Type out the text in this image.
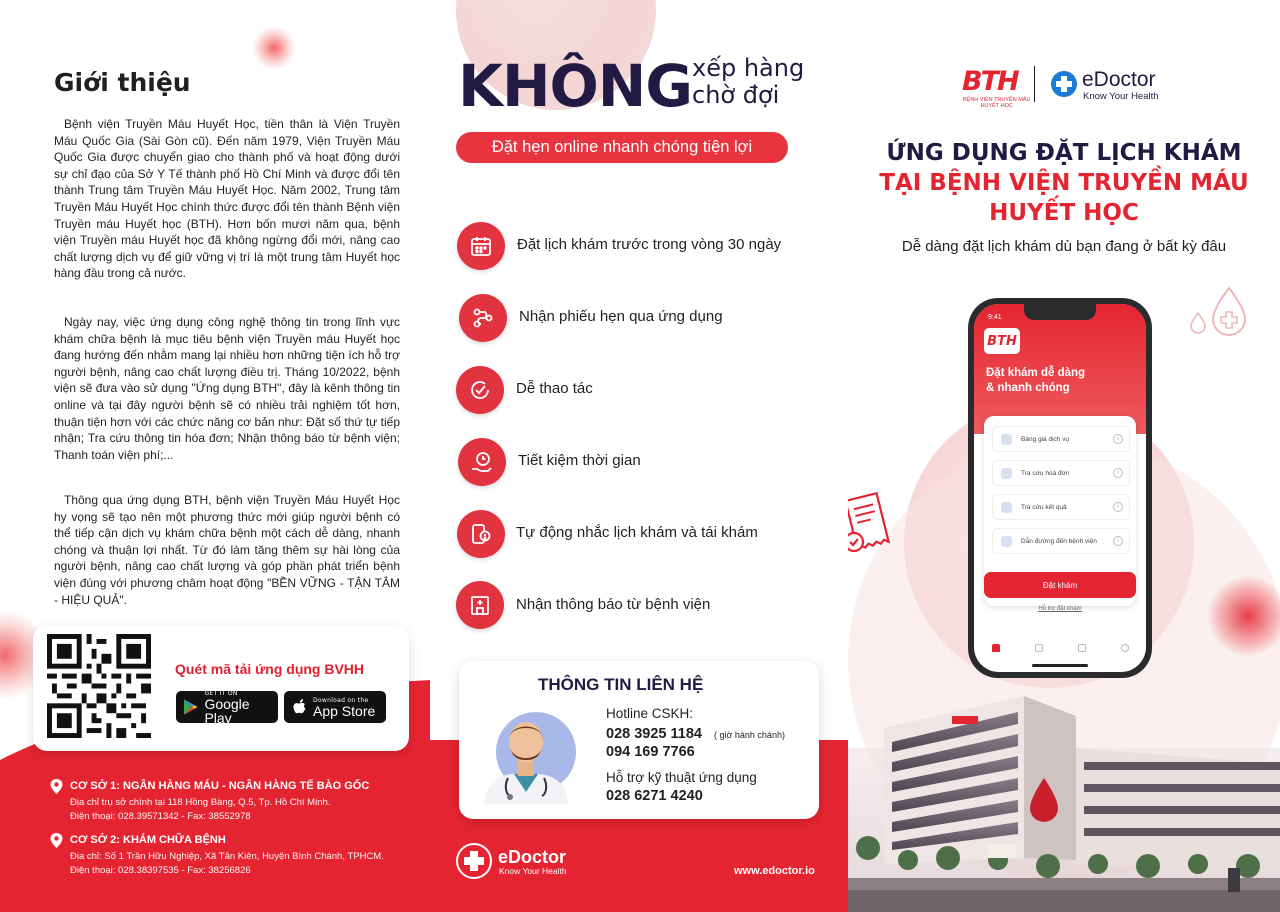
Giới thiệu

Bệnh viện Truyền Máu Huyết Học, tiền thân là Viện Truyền Máu Quốc Gia (Sài Gòn cũ). Đến năm 1979, Viện Truyền Máu Quốc Gia được chuyển giao cho thành phố và hoạt động dưới sự chỉ đạo của Sở Y Tế thành phố Hồ Chí Minh và được đổi tên thành Trung tâm Truyền Máu Huyết Học. Năm 2002, Trung tâm Truyền Máu Huyết Học chính thức được đổi tên thành Bệnh viện Truyền máu Huyết học (BTH). Hơn bốn mươi năm qua, bệnh viện Truyền máu Huyết học đã không ngừng đổi mới, nâng cao chất lượng dịch vụ để giữ vững vị trí là một trung tâm Huyết học hàng đầu trong cả nước.

Ngày nay, việc ứng dụng công nghệ thông tin trong lĩnh vực khám chữa bệnh là mục tiêu bệnh viện Truyền máu Huyết học đang hướng đến nhằm mang lại nhiều hơn những tiện ích hỗ trợ người bệnh, nâng cao chất lượng điều trị. Tháng 10/2022, bệnh viện sẽ đưa vào sử dụng "Ứng dụng BTH", đây là kênh thông tin online và tại đây người bệnh sẽ có nhiều trải nghiệm tốt hơn, thuận tiện hơn với các chức năng cơ bản như: Đặt số thứ tự tiếp nhận; Tra cứu thông tin hóa đơn; Nhận thông báo từ bệnh viện; Thanh toán viện phí;...

Thông qua ứng dụng BTH, bệnh viện Truyền Máu Huyết Học hy vọng sẽ tạo nên một phương thức mới giúp người bệnh có thể tiếp cận dịch vụ khám chữa bệnh một cách dễ dàng, nhanh chóng và thuận lợi nhất. Từ đó làm tăng thêm sự hài lòng của người bệnh, nâng cao chất lượng và góp phần phát triển bệnh viện đúng với phương châm hoạt động "BỀN VỮNG - TẬN TÂM - HIỆU QUẢ".

Quét mã tải ứng dụng BVHH
GET IT ON
Google Play
Download on the
App Store
CƠ SỞ 1: NGÂN HÀNG MÁU - NGÂN HÀNG TẾ BÀO GỐC
Địa chỉ trụ sở chính tại 118 Hồng Bàng, Q.5, Tp. Hồ Chí Minh.
Điện thoại: 028.39571342 - Fax: 38552978
CƠ SỞ 2: KHÁM CHỮA BỆNH
Địa chỉ: Số 1 Trần Hữu Nghiệp, Xã Tân Kiên, Huyện Bình Chánh, TPHCM.
Điện thoại: 028.38397535 - Fax: 38256826
KHÔNG xếp hàng
chờ đợi
Đặt hẹn online nhanh chóng tiện lợi
Đặt lịch khám trước trong vòng 30 ngày
Nhận phiếu hẹn qua ứng dụng
Dễ thao tác
Tiết kiệm thời gian
Tự động nhắc lịch khám và tái khám
Nhận thông báo từ bệnh viện
THÔNG TIN LIÊN HỆ
Hotline CSKH:
028 3925 1184 ( giờ hành chánh)
094 169 7766
Hỗ trợ kỹ thuật ứng dụng
028 6271 4240
eDoctor
Know Your Health	www.edoctor.io
BTH
BỆNH VIỆN TRUYỀN MÁU
HUYẾT HỌC
eDoctor
Know Your Health
ỨNG DỤNG ĐẶT LỊCH KHÁM
TẠI BỆNH VIỆN TRUYỀN MÁU
HUYẾT HỌC
Dễ dàng đặt lịch khám dù bạn đang ở bất kỳ đâu
9:41
BTH
Đặt khám dễ dàng
& nhanh chóng
Bảng giá dịch vụ	›
Tra cứu hoá đơn	›
Tra cứu kết quả	›
Dẫn đường đến bệnh viện	›
Đặt khám
Hỗ trợ đặt khám
